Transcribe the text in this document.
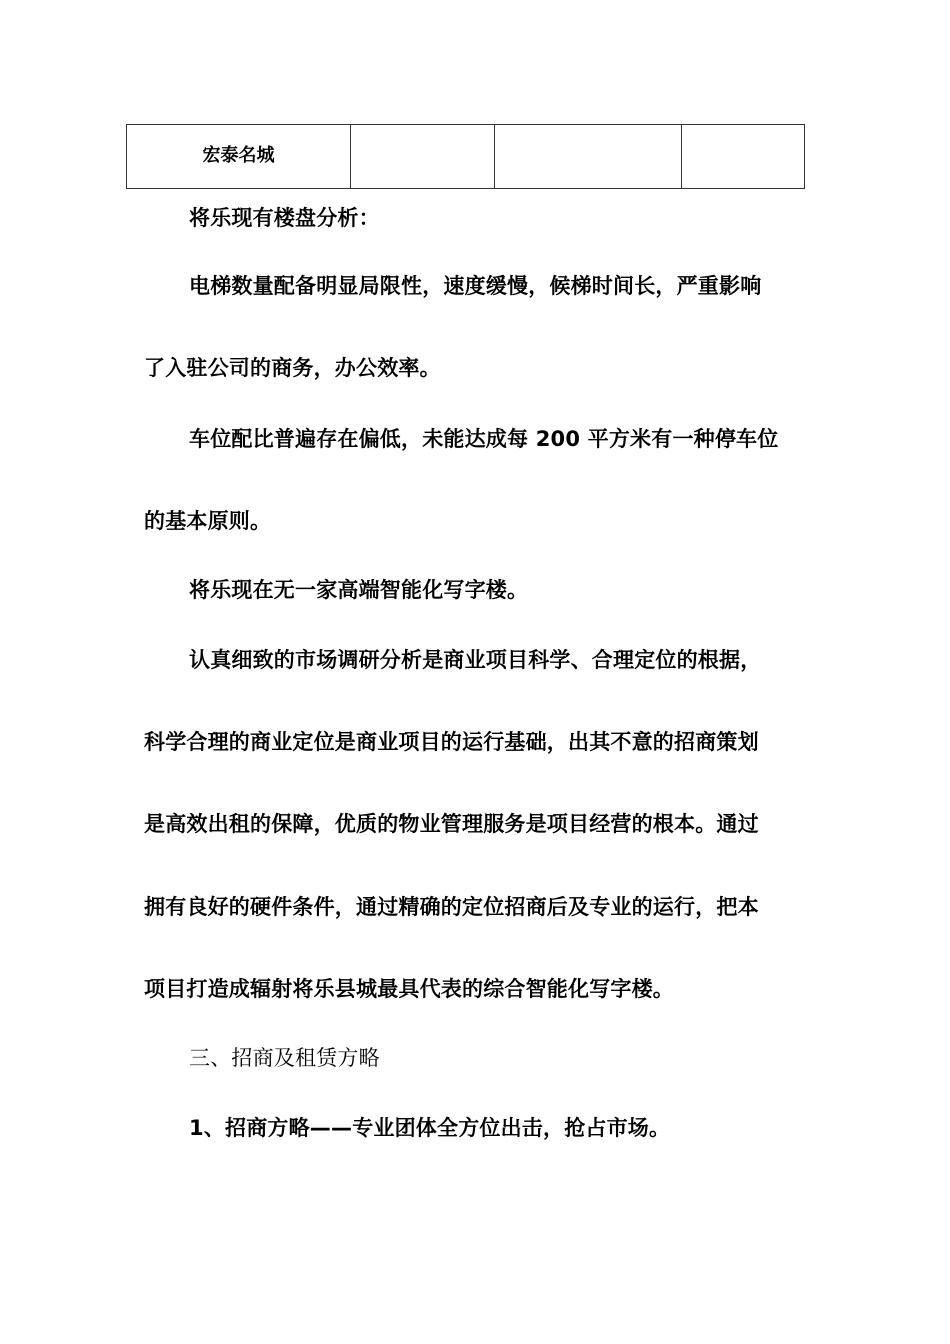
宏泰名城

将乐现有楼盘分析：
电梯数量配备明显局限性，速度缓慢，候梯时间长，严重影响
了入驻公司的商务，办公效率。
车位配比普遍存在偏低，未能达成每 200 平方米有一种停车位
的基本原则。
将乐现在无一家高端智能化写字楼。
认真细致的市场调研分析是商业项目科学、合理定位的根据，
科学合理的商业定位是商业项目的运行基础，出其不意的招商策划
是高效出租的保障，优质的物业管理服务是项目经营的根本。通过
拥有良好的硬件条件，通过精确的定位招商后及专业的运行，把本
项目打造成辐射将乐县城最具代表的综合智能化写字楼。
三、招商及租赁方略
1、招商方略——专业团体全方位出击，抢占市场。
